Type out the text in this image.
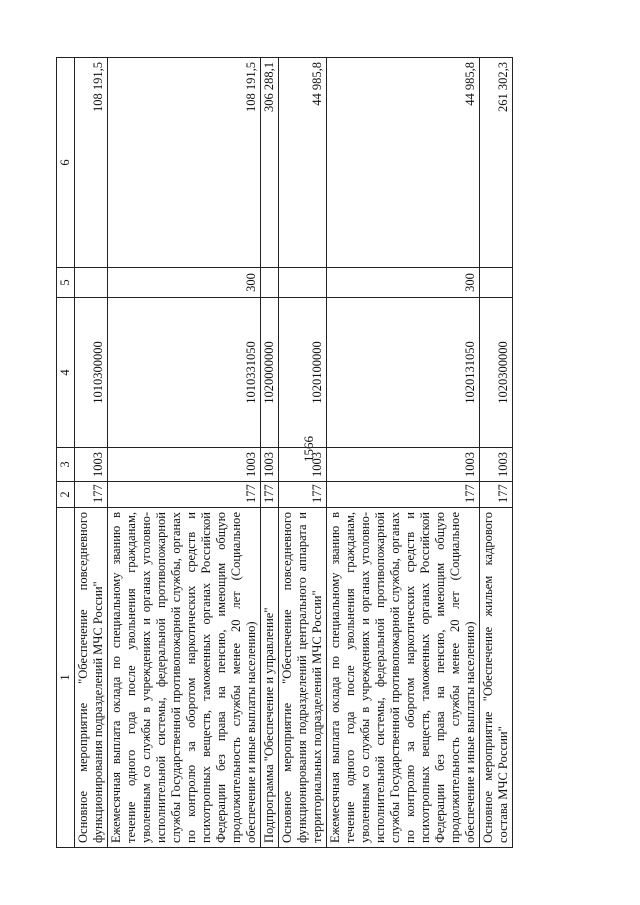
1566
1	2	3	4	5	6
Основное мероприятие "Обеспечение повседневного функционирования подразделений МЧС России"	177	1003	1010300000		108 191,5
Ежемесячная выплата оклада по специальному званию в течение одного года после увольнения гражданам, уволенным со службы в учреждениях и органах уголовно-исполнительной системы, федеральной противопожарной службы Государственной противопожарной службы, органах по контролю за оборотом наркотических средств и психотропных веществ, таможенных органах Российской Федерации без права на пенсию, имеющим общую продолжительность службы менее 20 лет (Социальное обеспечение и иные выплаты населению)	177	1003	1010331050	300	108 191,5
Подпрограмма "Обеспечение и управление"	177	1003	1020000000		306 288,1
Основное мероприятие "Обеспечение повседневного функционирования подразделений центрального аппарата и территориальных подразделений МЧС России"	177	1003	1020100000		44 985,8
Ежемесячная выплата оклада по специальному званию в течение одного года после увольнения гражданам, уволенным со службы в учреждениях и органах уголовно-исполнительной системы, федеральной противопожарной службы Государственной противопожарной службы, органах по контролю за оборотом наркотических средств и психотропных веществ, таможенных органах Российской Федерации без права на пенсию, имеющим общую продолжительность службы менее 20 лет (Социальное обеспечение и иные выплаты населению)	177	1003	1020131050	300	44 985,8
Основное мероприятие "Обеспечение жильем кадрового состава МЧС России"	177	1003	1020300000		261 302,3
